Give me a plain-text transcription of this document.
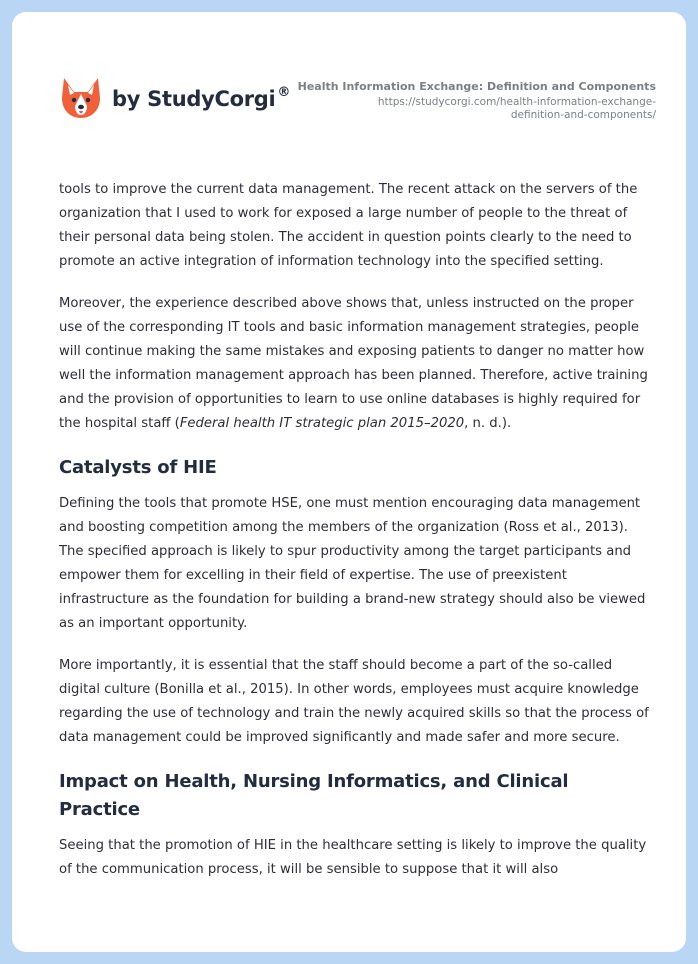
by StudyCorgi ® Health Information Exchange: Definition and Components
https://studycorgi.com/health-information-exchange-
definition-and-components/

tools to improve the current data management. The recent attack on the servers of the organization that I used to work for exposed a large number of people to the threat of their personal data being stolen. The accident in question points clearly to the need to promote an active integration of information technology into the specified setting.

Moreover, the experience described above shows that, unless instructed on the proper use of the corresponding IT tools and basic information management strategies, people will continue making the same mistakes and exposing patients to danger no matter how well the information management approach has been planned. Therefore, active training and the provision of opportunities to learn to use online databases is highly required for the hospital staff (Federal health IT strategic plan 2015–2020, n. d.).

Catalysts of HIE

Defining the tools that promote HSE, one must mention encouraging data management and boosting competition among the members of the organization (Ross et al., 2013). The specified approach is likely to spur productivity among the target participants and empower them for excelling in their field of expertise. The use of preexistent infrastructure as the foundation for building a brand-new strategy should also be viewed as an important opportunity.

More importantly, it is essential that the staff should become a part of the so-called digital culture (Bonilla et al., 2015). In other words, employees must acquire knowledge regarding the use of technology and train the newly acquired skills so that the process of data management could be improved significantly and made safer and more secure.

Impact on Health, Nursing Informatics, and Clinical Practice

Seeing that the promotion of HIE in the healthcare setting is likely to improve the quality of the communication process, it will be sensible to suppose that it will also
